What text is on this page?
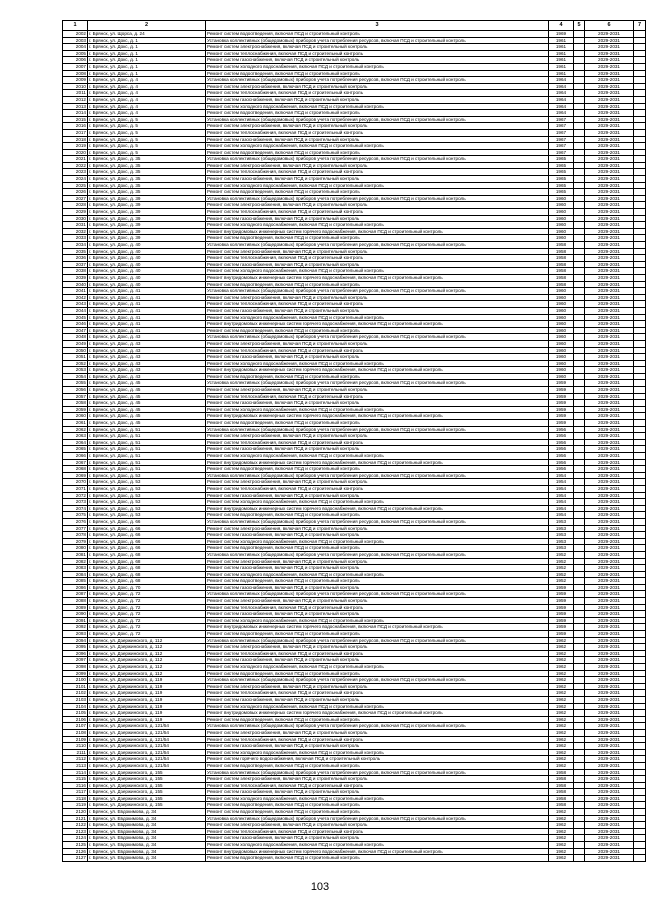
1	2	3	4	5	6	7
2002	г. Брянск, ул. Щорса, д. 24	Ремонт систем водоотведения, включая ПСД и строительный контроль	1969		2029-2031	
2003	г. Брянск, ул. Докс, д. 1	Установка коллективных (общедомовых) приборов учета потребления ресурсов, включая ПСД и строительный контроль	1961		2029-2031	
2004	г. Брянск, ул. Докс, д. 1	Ремонт систем электроснабжения, включая ПСД и строительный контроль	1961		2029-2031	
2005	г. Брянск, ул. Докс, д. 1	Ремонт систем теплоснабжения, включая ПСД и строительный контроль	1961		2029-2031	
2006	г. Брянск, ул. Докс, д. 1	Ремонт систем газоснабжения, включая ПСД и строительный контроль	1961		2029-2031	
2007	г. Брянск, ул. Докс, д. 1	Ремонт систем холодного водоснабжения, включая ПСД и строительный контроль	1961		2029-2031	
2008	г. Брянск, ул. Докс, д. 1	Ремонт систем водоотведения, включая ПСД и строительный контроль	1961		2029-2031	
2009	г. Брянск, ул. Докс, д. 4	Установка коллективных (общедомовых) приборов учета потребления ресурсов, включая ПСД и строительный контроль	1964		2029-2031	
2010	г. Брянск, ул. Докс, д. 4	Ремонт систем электроснабжения, включая ПСД и строительный контроль	1964		2029-2031	
2011	г. Брянск, ул. Докс, д. 4	Ремонт систем теплоснабжения, включая ПСД и строительный контроль	1964		2029-2031	
2012	г. Брянск, ул. Докс, д. 4	Ремонт систем газоснабжения, включая ПСД и строительный контроль	1964		2029-2031	
2013	г. Брянск, ул. Докс, д. 4	Ремонт систем холодного водоснабжения, включая ПСД и строительный контроль	1964		2029-2031	
2014	г. Брянск, ул. Докс, д. 4	Ремонт систем водоотведения, включая ПСД и строительный контроль	1964		2029-2031	
2015	г. Брянск, ул. Докс, д. 5	Установка коллективных (общедомовых) приборов учета потребления ресурсов, включая ПСД и строительный контроль	1967		2029-2031	
2016	г. Брянск, ул. Докс, д. 5	Ремонт систем электроснабжения, включая ПСД и строительный контроль	1967		2029-2031	
2017	г. Брянск, ул. Докс, д. 5	Ремонт систем теплоснабжения, включая ПСД и строительный контроль	1967		2029-2031	
2018	г. Брянск, ул. Докс, д. 5	Ремонт систем газоснабжения, включая ПСД и строительный контроль	1967		2029-2031	
2019	г. Брянск, ул. Докс, д. 5	Ремонт систем холодного водоснабжения, включая ПСД и строительный контроль	1967		2029-2031	
2020	г. Брянск, ул. Докс, д. 5	Ремонт систем водоотведения, включая ПСД и строительный контроль	1967		2029-2031	
2021	г. Брянск, ул. Докс, д. 35	Установка коллективных (общедомовых) приборов учета потребления ресурсов, включая ПСД и строительный контроль	1965		2029-2031	
2022	г. Брянск, ул. Докс, д. 35	Ремонт систем электроснабжения, включая ПСД и строительный контроль	1965		2029-2031	
2023	г. Брянск, ул. Докс, д. 35	Ремонт систем теплоснабжения, включая ПСД и строительный контроль	1965		2029-2031	
2024	г. Брянск, ул. Докс, д. 35	Ремонт систем газоснабжения, включая ПСД и строительный контроль	1965		2029-2031	
2025	г. Брянск, ул. Докс, д. 35	Ремонт систем холодного водоснабжения, включая ПСД и строительный контроль	1965		2029-2031	
2026	г. Брянск, ул. Докс, д. 35	Ремонт систем водоотведения, включая ПСД и строительный контроль	1965		2029-2031	
2027	г. Брянск, ул. Докс, д. 39	Установка коллективных (общедомовых) приборов учета потребления ресурсов, включая ПСД и строительный контроль	1960		2029-2031	
2028	г. Брянск, ул. Докс, д. 39	Ремонт систем электроснабжения, включая ПСД и строительный контроль	1960		2029-2031	
2029	г. Брянск, ул. Докс, д. 39	Ремонт систем теплоснабжения, включая ПСД и строительный контроль	1960		2029-2031	
2030	г. Брянск, ул. Докс, д. 39	Ремонт систем газоснабжения, включая ПСД и строительный контроль	1960		2029-2031	
2031	г. Брянск, ул. Докс, д. 39	Ремонт систем холодного водоснабжения, включая ПСД и строительный контроль	1960		2029-2031	
2032	г. Брянск, ул. Докс, д. 39	Ремонт внутридомовых инженерных систем горячего водоснабжения, включая ПСД и строительный контроль	1960		2029-2031	
2033	г. Брянск, ул. Докс, д. 39	Ремонт систем водоотведения, включая ПСД и строительный контроль	1960		2029-2031	
2034	г. Брянск, ул. Докс, д. 40	Установка коллективных (общедомовых) приборов учета потребления ресурсов, включая ПСД и строительный контроль	1958		2029-2031	
2035	г. Брянск, ул. Докс, д. 40	Ремонт систем электроснабжения, включая ПСД и строительный контроль	1958		2029-2031	
2036	г. Брянск, ул. Докс, д. 40	Ремонт систем теплоснабжения, включая ПСД и строительный контроль	1958		2029-2031	
2037	г. Брянск, ул. Докс, д. 40	Ремонт систем газоснабжения, включая ПСД и строительный контроль	1958		2029-2031	
2038	г. Брянск, ул. Докс, д. 40	Ремонт систем холодного водоснабжения, включая ПСД и строительный контроль	1958		2029-2031	
2039	г. Брянск, ул. Докс, д. 40	Ремонт внутридомовых инженерных систем горячего водоснабжения, включая ПСД и строительный контроль	1958		2029-2031	
2040	г. Брянск, ул. Докс, д. 40	Ремонт систем водоотведения, включая ПСД и строительный контроль	1958		2029-2031	
2041	г. Брянск, ул. Докс, д. 41	Установка коллективных (общедомовых) приборов учета потребления ресурсов, включая ПСД и строительный контроль	1960		2029-2031	
2042	г. Брянск, ул. Докс, д. 41	Ремонт систем электроснабжения, включая ПСД и строительный контроль	1960		2029-2031	
2043	г. Брянск, ул. Докс, д. 41	Ремонт систем теплоснабжения, включая ПСД и строительный контроль	1960		2029-2031	
2044	г. Брянск, ул. Докс, д. 41	Ремонт систем газоснабжения, включая ПСД и строительный контроль	1960		2029-2031	
2045	г. Брянск, ул. Докс, д. 41	Ремонт систем холодного водоснабжения, включая ПСД и строительный контроль	1960		2029-2031	
2046	г. Брянск, ул. Докс, д. 41	Ремонт внутридомовых инженерных систем горячего водоснабжения, включая ПСД и строительный контроль	1960		2029-2031	
2047	г. Брянск, ул. Докс, д. 41	Ремонт систем водоотведения, включая ПСД и строительный контроль	1960		2029-2031	
2048	г. Брянск, ул. Докс, д. 43	Установка коллективных (общедомовых) приборов учета потребления ресурсов, включая ПСД и строительный контроль	1960		2029-2031	
2049	г. Брянск, ул. Докс, д. 43	Ремонт систем электроснабжения, включая ПСД и строительный контроль	1960		2029-2031	
2050	г. Брянск, ул. Докс, д. 43	Ремонт систем теплоснабжения, включая ПСД и строительный контроль	1960		2029-2031	
2051	г. Брянск, ул. Докс, д. 43	Ремонт систем газоснабжения, включая ПСД и строительный контроль	1960		2029-2031	
2052	г. Брянск, ул. Докс, д. 43	Ремонт систем холодного водоснабжения, включая ПСД и строительный контроль	1960		2029-2031	
2053	г. Брянск, ул. Докс, д. 43	Ремонт внутридомовых инженерных систем горячего водоснабжения, включая ПСД и строительный контроль	1960		2029-2031	
2054	г. Брянск, ул. Докс, д. 43	Ремонт систем водоотведения, включая ПСД и строительный контроль	1960		2029-2031	
2055	г. Брянск, ул. Докс, д. 45	Установка коллективных (общедомовых) приборов учета потребления ресурсов, включая ПСД и строительный контроль	1959		2029-2031	
2056	г. Брянск, ул. Докс, д. 45	Ремонт систем электроснабжения, включая ПСД и строительный контроль	1959		2029-2031	
2057	г. Брянск, ул. Докс, д. 45	Ремонт систем теплоснабжения, включая ПСД и строительный контроль	1959		2029-2031	
2058	г. Брянск, ул. Докс, д. 45	Ремонт систем газоснабжения, включая ПСД и строительный контроль	1959		2029-2031	
2059	г. Брянск, ул. Докс, д. 45	Ремонт систем холодного водоснабжения, включая ПСД и строительный контроль	1959		2029-2031	
2060	г. Брянск, ул. Докс, д. 45	Ремонт внутридомовых инженерных систем горячего водоснабжения, включая ПСД и строительный контроль	1959		2029-2031	
2061	г. Брянск, ул. Докс, д. 45	Ремонт систем водоотведения, включая ПСД и строительный контроль	1959		2029-2031	
2062	г. Брянск, ул. Докс, д. 51	Установка коллективных (общедомовых) приборов учета потребления ресурсов, включая ПСД и строительный контроль	1956		2029-2031	
2063	г. Брянск, ул. Докс, д. 51	Ремонт систем электроснабжения, включая ПСД и строительный контроль	1956		2029-2031	
2064	г. Брянск, ул. Докс, д. 51	Ремонт систем теплоснабжения, включая ПСД и строительный контроль	1956		2029-2031	
2065	г. Брянск, ул. Докс, д. 51	Ремонт систем газоснабжения, включая ПСД и строительный контроль	1956		2029-2031	
2066	г. Брянск, ул. Докс, д. 51	Ремонт систем холодного водоснабжения, включая ПСД и строительный контроль	1956		2029-2031	
2067	г. Брянск, ул. Докс, д. 51	Ремонт внутридомовых инженерных систем горячего водоснабжения, включая ПСД и строительный контроль	1956		2029-2031	
2068	г. Брянск, ул. Докс, д. 51	Ремонт систем водоотведения, включая ПСД и строительный контроль	1956		2029-2031	
2069	г. Брянск, ул. Докс, д. 53	Установка коллективных (общедомовых) приборов учета потребления ресурсов, включая ПСД и строительный контроль	1954		2029-2031	
2070	г. Брянск, ул. Докс, д. 53	Ремонт систем электроснабжения, включая ПСД и строительный контроль	1954		2029-2031	
2071	г. Брянск, ул. Докс, д. 53	Ремонт систем теплоснабжения, включая ПСД и строительный контроль	1954		2029-2031	
2072	г. Брянск, ул. Докс, д. 53	Ремонт систем газоснабжения, включая ПСД и строительный контроль	1954		2029-2031	
2073	г. Брянск, ул. Докс, д. 53	Ремонт систем холодного водоснабжения, включая ПСД и строительный контроль	1954		2029-2031	
2074	г. Брянск, ул. Докс, д. 53	Ремонт внутридомовых инженерных систем горячего водоснабжения, включая ПСД и строительный контроль	1954		2029-2031	
2075	г. Брянск, ул. Докс, д. 53	Ремонт систем водоотведения, включая ПСД и строительный контроль	1954		2029-2031	
2076	г. Брянск, ул. Докс, д. 66	Установка коллективных (общедомовых) приборов учета потребления ресурсов, включая ПСД и строительный контроль	1953		2029-2031	
2077	г. Брянск, ул. Докс, д. 66	Ремонт систем электроснабжения, включая ПСД и строительный контроль	1953		2029-2031	
2078	г. Брянск, ул. Докс, д. 66	Ремонт систем газоснабжения, включая ПСД и строительный контроль	1953		2029-2031	
2079	г. Брянск, ул. Докс, д. 66	Ремонт систем холодного водоснабжения, включая ПСД и строительный контроль	1953		2029-2031	
2080	г. Брянск, ул. Докс, д. 66	Ремонт систем водоотведения, включая ПСД и строительный контроль	1953		2029-2031	
2081	г. Брянск, ул. Докс, д. 68	Установка коллективных (общедомовых) приборов учета потребления ресурсов, включая ПСД и строительный контроль	1952		2029-2031	
2082	г. Брянск, ул. Докс, д. 68	Ремонт систем электроснабжения, включая ПСД и строительный контроль	1952		2029-2031	
2083	г. Брянск, ул. Докс, д. 68	Ремонт систем газоснабжения, включая ПСД и строительный контроль	1952		2029-2031	
2084	г. Брянск, ул. Докс, д. 68	Ремонт систем холодного водоснабжения, включая ПСД и строительный контроль	1952		2029-2031	
2085	г. Брянск, ул. Докс, д. 68	Ремонт систем водоотведения, включая ПСД и строительный контроль	1952		2029-2031	
2086	г. Брянск, ул. Докс, д. 70	Ремонт систем газоснабжения, включая ПСД и строительный контроль	1959		2029-2031	
2087	г. Брянск, ул. Докс, д. 72	Установка коллективных (общедомовых) приборов учета потребления ресурсов, включая ПСД и строительный контроль	1959		2029-2031	
2088	г. Брянск, ул. Докс, д. 72	Ремонт систем электроснабжения, включая ПСД и строительный контроль	1959		2029-2031	
2089	г. Брянск, ул. Докс, д. 72	Ремонт систем теплоснабжения, включая ПСД и строительный контроль	1959		2029-2031	
2090	г. Брянск, ул. Докс, д. 72	Ремонт систем газоснабжения, включая ПСД и строительный контроль	1959		2029-2031	
2091	г. Брянск, ул. Докс, д. 72	Ремонт систем холодного водоснабжения, включая ПСД и строительный контроль	1959		2029-2031	
2092	г. Брянск, ул. Докс, д. 72	Ремонт внутридомовых инженерных систем горячего водоснабжения, включая ПСД и строительный контроль	1959		2029-2031	
2093	г. Брянск, ул. Докс, д. 72	Ремонт систем водоотведения, включая ПСД и строительный контроль	1959		2029-2031	
2094	г. Брянск, ул. Дзержинского, д. 112	Установка коллективных (общедомовых) приборов учета потребления ресурсов, включая ПСД и строительный контроль	1962		2029-2031	
2095	г. Брянск, ул. Дзержинского, д. 112	Ремонт систем электроснабжения, включая ПСД и строительный контроль	1962		2029-2031	
2096	г. Брянск, ул. Дзержинского, д. 112	Ремонт систем теплоснабжения, включая ПСД и строительный контроль	1962		2029-2031	
2097	г. Брянск, ул. Дзержинского, д. 112	Ремонт систем газоснабжения, включая ПСД и строительный контроль	1962		2029-2031	
2098	г. Брянск, ул. Дзержинского, д. 112	Ремонт систем холодного водоснабжения, включая ПСД и строительный контроль	1962		2029-2031	
2099	г. Брянск, ул. Дзержинского, д. 112	Ремонт систем водоотведения, включая ПСД и строительный контроль	1962		2029-2031	
2100	г. Брянск, ул. Дзержинского, д. 119	Установка коллективных (общедомовых) приборов учета потребления ресурсов, включая ПСД и строительный контроль	1962		2029-2031	
2101	г. Брянск, ул. Дзержинского, д. 119	Ремонт систем электроснабжения, включая ПСД и строительный контроль	1962		2029-2031	
2102	г. Брянск, ул. Дзержинского, д. 119	Ремонт систем теплоснабжения, включая ПСД и строительный контроль	1962		2029-2031	
2103	г. Брянск, ул. Дзержинского, д. 119	Ремонт систем газоснабжения, включая ПСД и строительный контроль	1962		2029-2031	
2104	г. Брянск, ул. Дзержинского, д. 119	Ремонт систем холодного водоснабжения, включая ПСД и строительный контроль	1962		2029-2031	
2105	г. Брянск, ул. Дзержинского, д. 119	Ремонт внутридомовых инженерных систем горячего водоснабжения, включая ПСД и строительный контроль	1962		2029-2031	
2106	г. Брянск, ул. Дзержинского, д. 119	Ремонт систем водоотведения, включая ПСД и строительный контроль	1962		2029-2031	
2107	г. Брянск, ул. Дзержинского, д. 121/54	Установка коллективных (общедомовых) приборов учета потребления ресурсов, включая ПСД и строительный контроль	1962		2029-2031	
2108	г. Брянск, ул. Дзержинского, д. 121/54	Ремонт систем электроснабжения, включая ПСД и строительный контроль	1962		2029-2031	
2109	г. Брянск, ул. Дзержинского, д. 121/54	Ремонт систем теплоснабжения, включая ПСД и строительный контроль	1962		2029-2031	
2110	г. Брянск, ул. Дзержинского, д. 121/54	Ремонт систем газоснабжения, включая ПСД и строительный контроль	1962		2029-2031	
2111	г. Брянск, ул. Дзержинского, д. 121/54	Ремонт систем холодного водоснабжения, включая ПСД и строительный контроль	1962		2029-2031	
2112	г. Брянск, ул. Дзержинского, д. 121/54	Ремонт систем горячего водоснабжения, включая ПСД и строительный контроль	1962		2029-2031	
2113	г. Брянск, ул. Дзержинского, д. 121/54	Ремонт систем водоотведения, включая ПСД и строительный контроль	1962		2029-2031	
2114	г. Брянск, ул. Дзержинского, д. 155	Установка коллективных (общедомовых) приборов учета потребления ресурсов, включая ПСД и строительный контроль	1958		2029-2031	
2115	г. Брянск, ул. Дзержинского, д. 155	Ремонт систем электроснабжения, включая ПСД и строительный контроль	1958		2029-2031	
2116	г. Брянск, ул. Дзержинского, д. 155	Ремонт систем теплоснабжения, включая ПСД и строительный контроль	1958		2029-2031	
2117	г. Брянск, ул. Дзержинского, д. 155	Ремонт систем газоснабжения, включая ПСД и строительный контроль	1958		2029-2031	
2118	г. Брянск, ул. Дзержинского, д. 155	Ремонт систем холодного водоснабжения, включая ПСД и строительный контроль	1958		2029-2031	
2119	г. Брянск, ул. Дзержинского, д. 155	Ремонт систем водоотведения, включая ПСД и строительный контроль	1958		2029-2031	
2120	г. Брянск, ул. Евдокимова, д. 34	Ремонт систем водоотведения, включая ПСД и строительный контроль	1962		2029-2031	
2121	г. Брянск, ул. Евдокимова, д. 34	Установка коллективных (общедомовых) приборов учета потребления ресурсов, включая ПСД и строительный контроль	1962		2029-2031	
2122	г. Брянск, ул. Евдокимова, д. 34	Ремонт систем электроснабжения, включая ПСД и строительный контроль	1962		2029-2031	
2123	г. Брянск, ул. Евдокимова, д. 34	Ремонт систем теплоснабжения, включая ПСД и строительный контроль	1962		2029-2031	
2124	г. Брянск, ул. Евдокимова, д. 34	Ремонт систем газоснабжения, включая ПСД и строительный контроль	1962		2029-2031	
2125	г. Брянск, ул. Евдокимова, д. 34	Ремонт систем холодного водоснабжения, включая ПСД и строительный контроль	1962		2029-2031	
2126	г. Брянск, ул. Евдокимова, д. 34	Ремонт внутридомовых инженерных систем горячего водоснабжения, включая ПСД и строительный контроль	1962		2029-2031	
2127	г. Брянск, ул. Евдокимова, д. 34	Ремонт систем водоотведения, включая ПСД и строительный контроль	1962		2029-2031	
103
